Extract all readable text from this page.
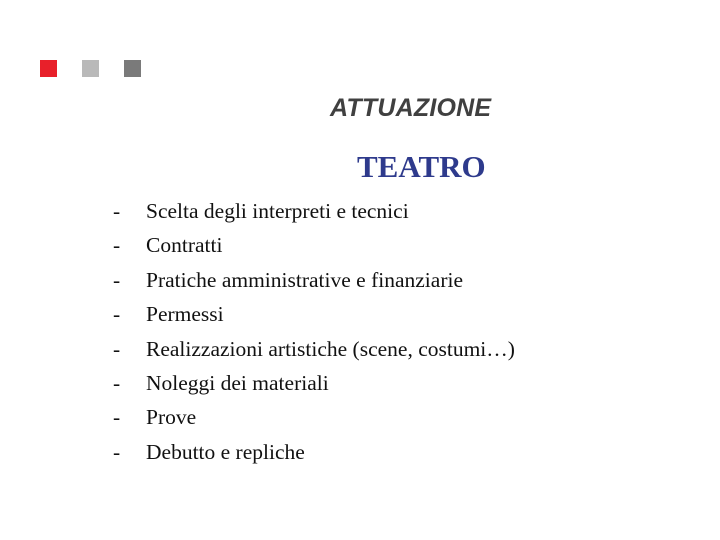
ATTUAZIONE
TEATRO
- Scelta degli interpreti e tecnici
- Contratti
- Pratiche amministrative e finanziarie
- Permessi
- Realizzazioni artistiche (scene, costumi…)
- Noleggi dei materiali
- Prove
- Debutto e repliche
